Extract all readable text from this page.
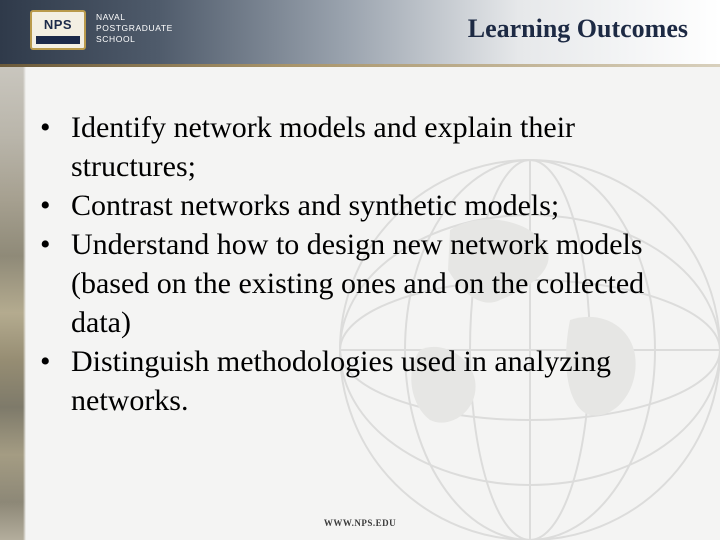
NPS	NAVAL
POSTGRADUATE
SCHOOL	Learning Outcomes
• Identify network models and explain their structures;
• Contrast networks and synthetic models;
• Understand how to design new network models (based on the existing ones and on the collected data)
• Distinguish methodologies used in analyzing networks.
WWW.NPS.EDU
